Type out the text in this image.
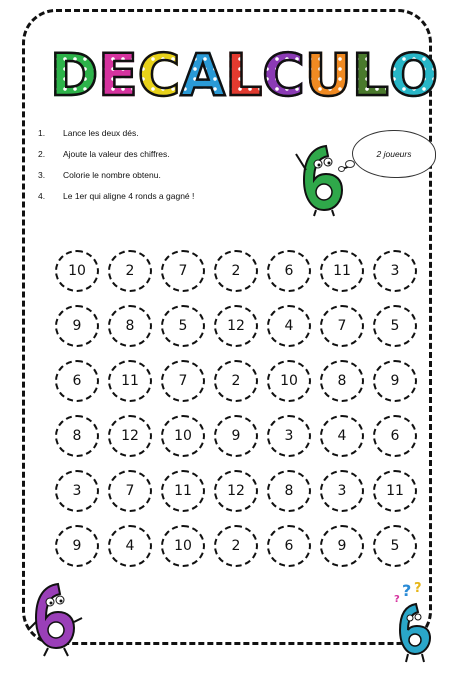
D E C A L C U L O
1.	Lance les deux dés.
2.	Ajoute la valeur des chiffres.
3.	Colorie le nombre obtenu.
4.	Le 1er qui aligne 4 ronds a gagné !
2 joueurs
10	2	7	2	6	11	3
9	8	5	12	4	7	5
6	11	7	2	10	8	9
8	12	10	9	3	4	6
3	7	11	12	8	3	11
9	4	10	2	6	9	5
? ?
?
